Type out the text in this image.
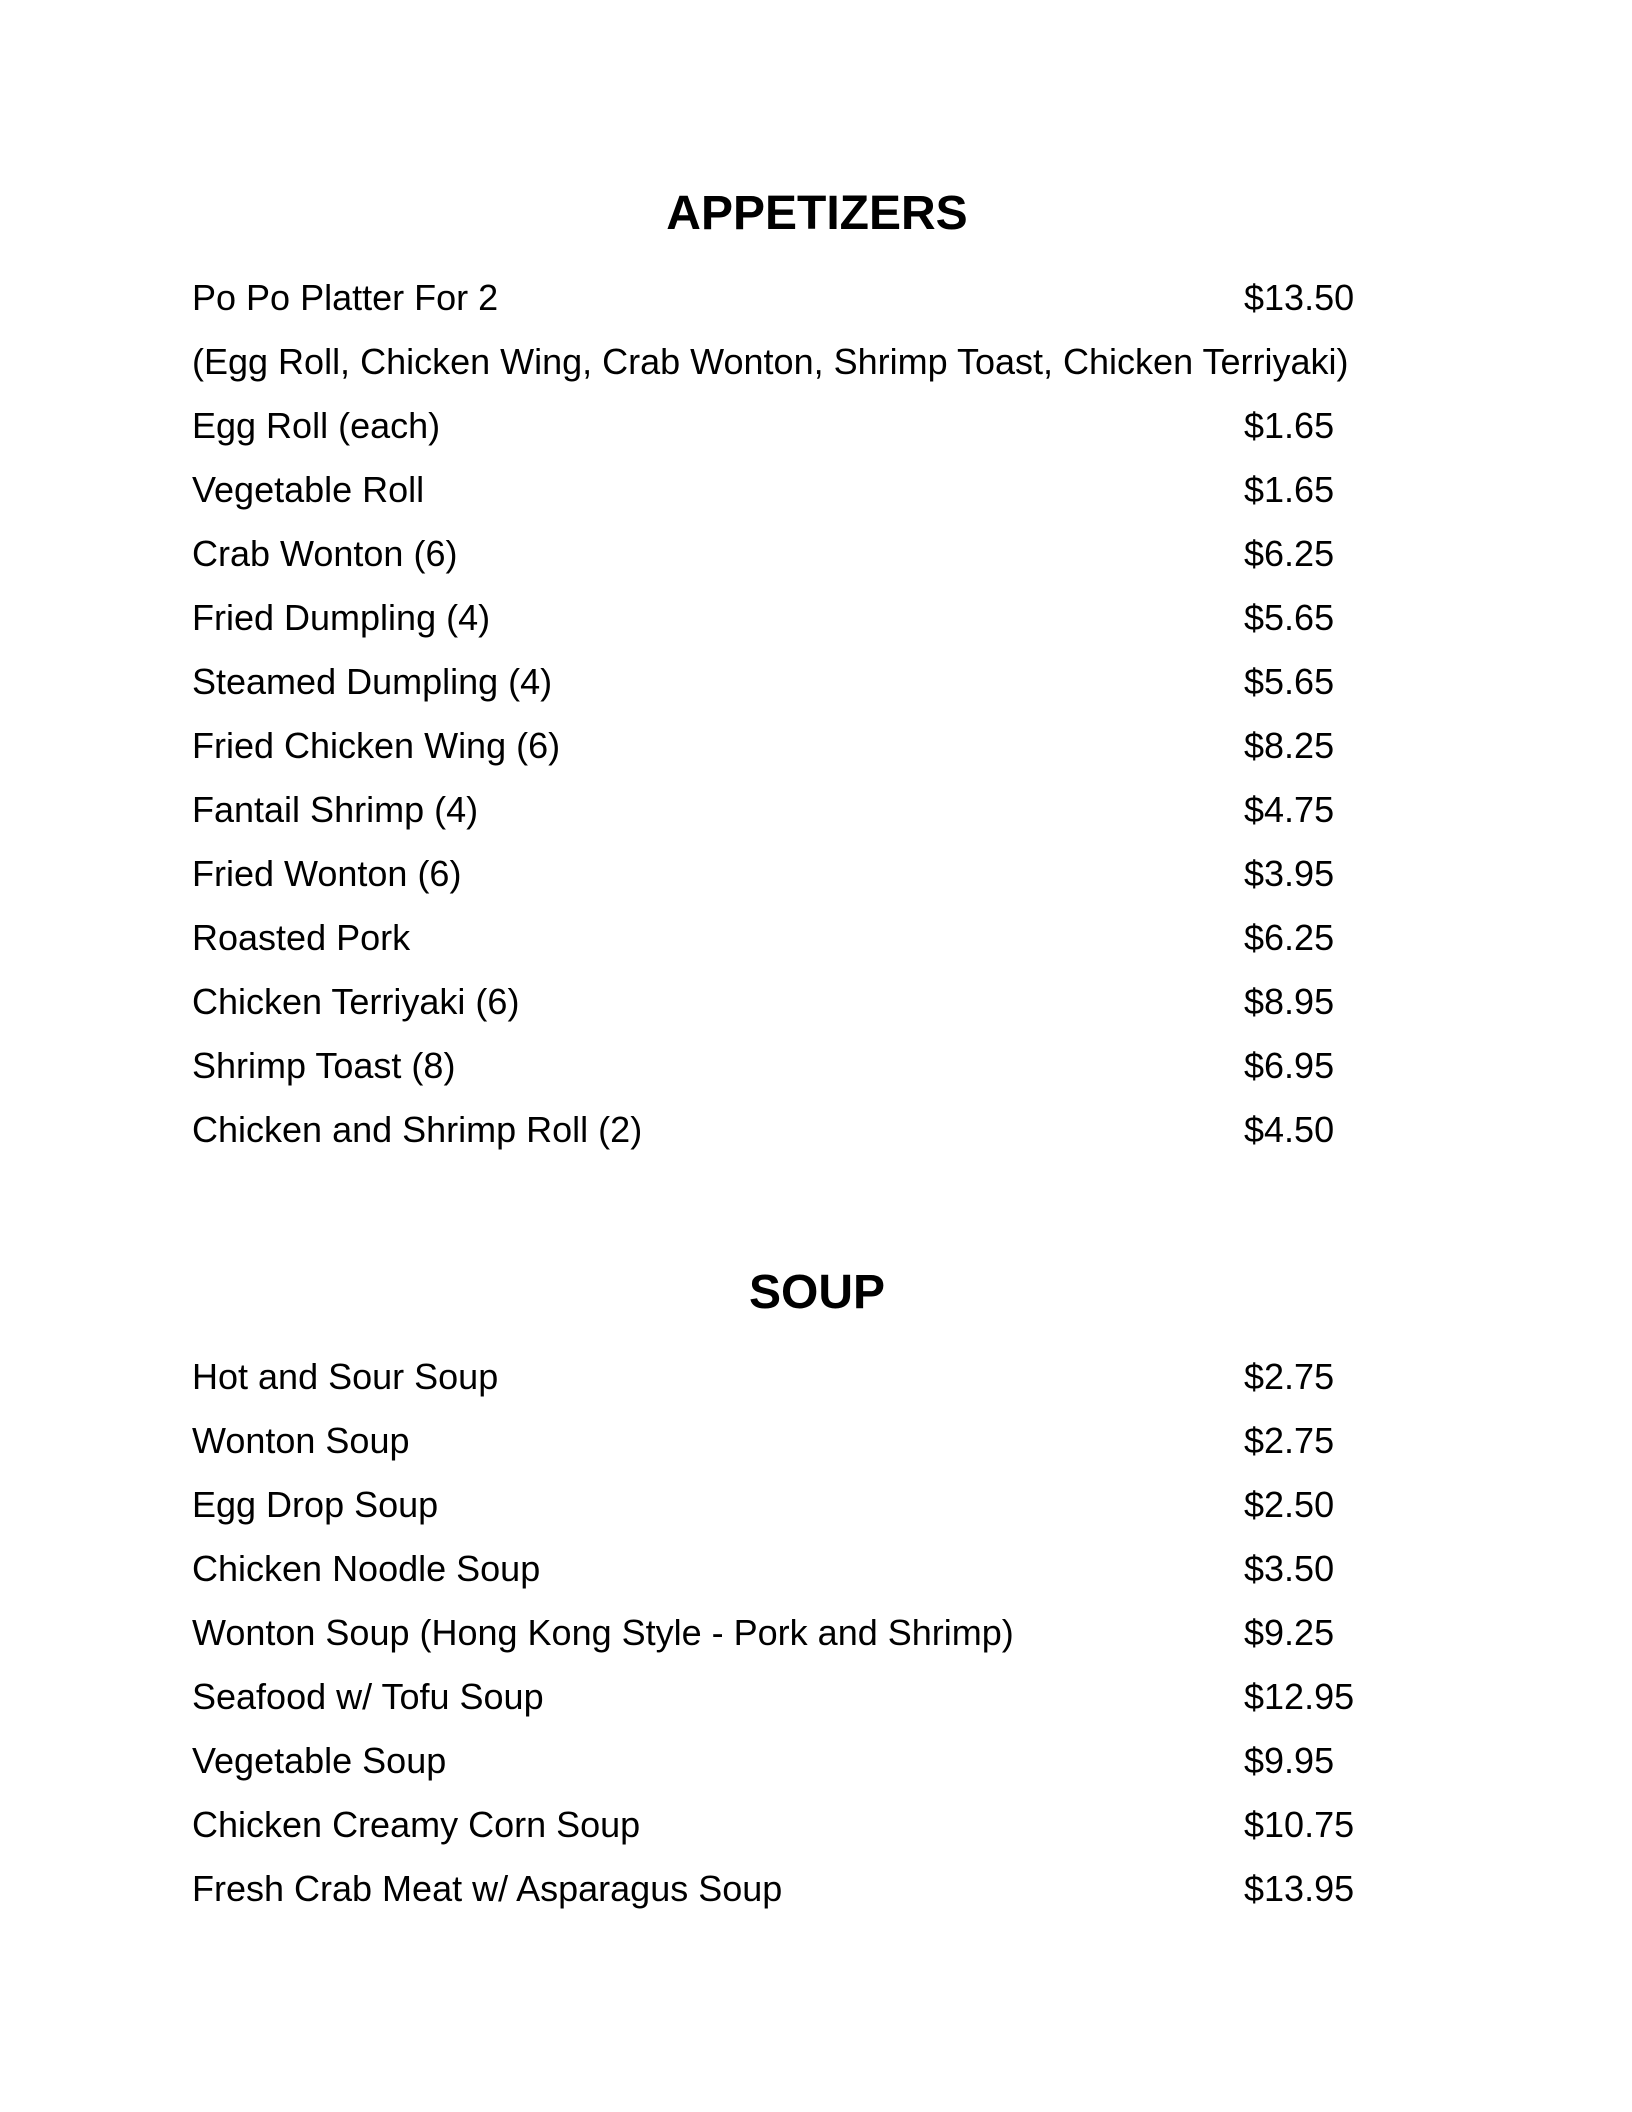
APPETIZERS
Po Po Platter For 2	$13.50
(Egg Roll, Chicken Wing, Crab Wonton, Shrimp Toast, Chicken Terriyaki)
Egg Roll (each)	$1.65
Vegetable Roll	$1.65
Crab Wonton (6)	$6.25
Fried Dumpling (4)	$5.65
Steamed Dumpling (4)	$5.65
Fried Chicken Wing (6)	$8.25
Fantail Shrimp (4)	$4.75
Fried Wonton (6)	$3.95
Roasted Pork	$6.25
Chicken Terriyaki (6)	$8.95
Shrimp Toast (8)	$6.95
Chicken and Shrimp Roll (2)	$4.50
SOUP
Hot and Sour Soup	$2.75
Wonton Soup	$2.75
Egg Drop Soup	$2.50
Chicken Noodle Soup	$3.50
Wonton Soup (Hong Kong Style - Pork and Shrimp)	$9.25
Seafood w/ Tofu Soup	$12.95
Vegetable Soup	$9.95
Chicken Creamy Corn Soup	$10.75
Fresh Crab Meat w/ Asparagus Soup	$13.95
